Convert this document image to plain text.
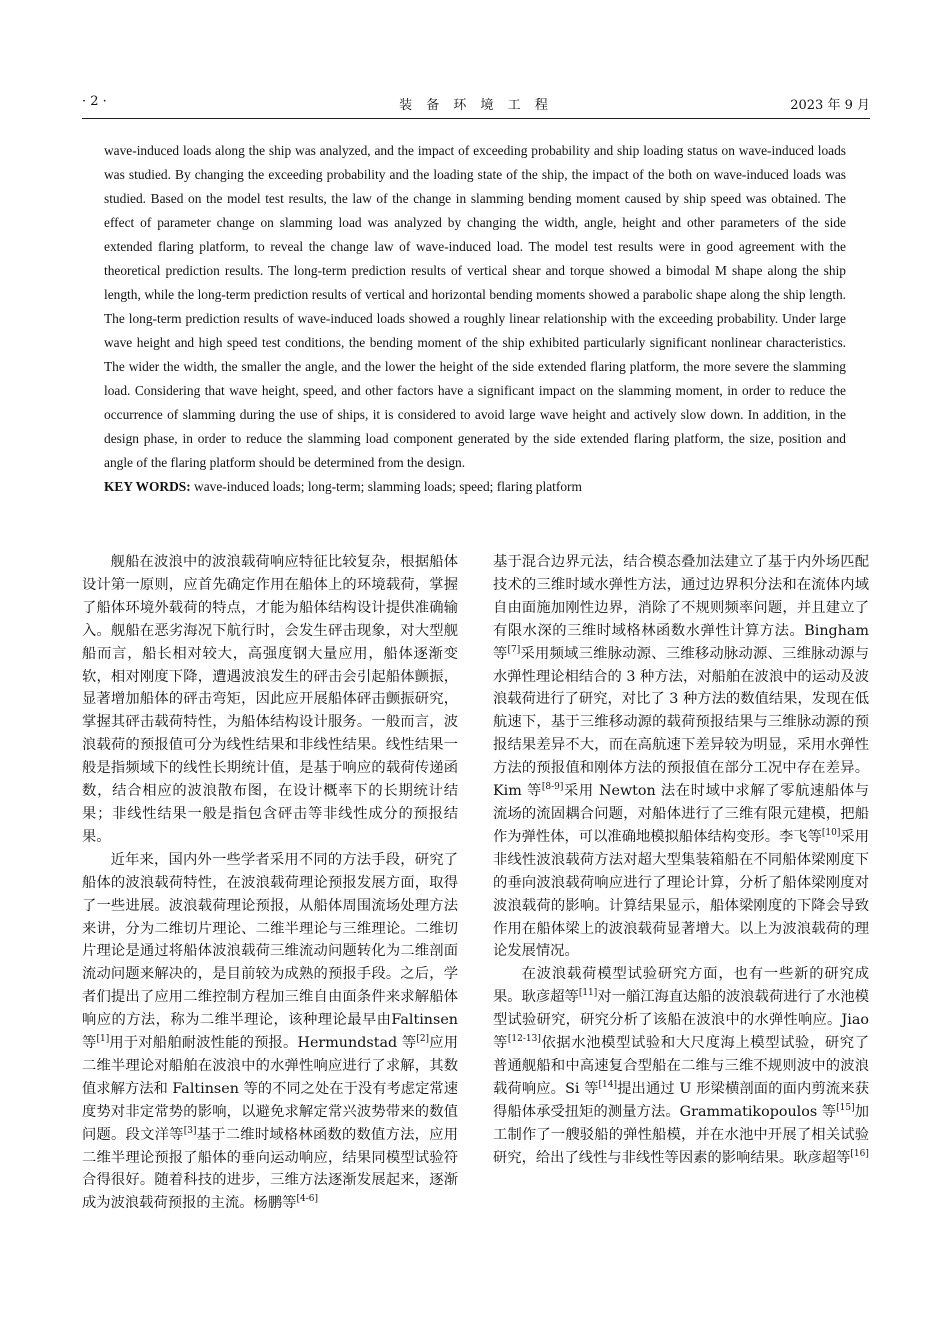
· 2 ·	装 备 环 境 工 程	2023 年 9 月
wave-induced loads along the ship was analyzed, and the impact of exceeding probability and ship loading status on wave-induced loads was studied. By changing the exceeding probability and the loading state of the ship, the impact of the both on wave-induced loads was studied. Based on the model test results, the law of the change in slamming bending moment caused by ship speed was obtained. The effect of parameter change on slamming load was analyzed by changing the width, angle, height and other parameters of the side extended flaring platform, to reveal the change law of wave-induced load. The model test results were in good agreement with the theoretical prediction results. The long-term prediction results of vertical shear and torque showed a bimodal M shape along the ship length, while the long-term prediction results of vertical and horizontal bending moments showed a parabolic shape along the ship length. The long-term prediction results of wave-induced loads showed a roughly linear relationship with the exceeding probability. Under large wave height and high speed test conditions, the bending moment of the ship exhibited particularly significant nonlinear characteristics. The wider the width, the smaller the angle, and the lower the height of the side extended flaring platform, the more severe the slamming load. Considering that wave height, speed, and other factors have a significant impact on the slamming moment, in order to reduce the occurrence of slamming during the use of ships, it is considered to avoid large wave height and actively slow down. In addition, in the design phase, in order to reduce the slamming load component generated by the side extended flaring platform, the size, position and angle of the flaring platform should be determined from the design.
KEY WORDS: wave-induced loads; long-term; slamming loads; speed; flaring platform

舰船在波浪中的波浪载荷响应特征比较复杂，根据船体设计第一原则，应首先确定作用在船体上的环境载荷，掌握了船体环境外载荷的特点，才能为船体结构设计提供准确输入。舰船在恶劣海况下航行时，会发生砰击现象，对大型舰船而言，船长相对较大，高强度钢大量应用，船体逐渐变软，相对刚度下降，遭遇波浪发生的砰击会引起船体颤振，显著增加船体的砰击弯矩，因此应开展船体砰击颤振研究，掌握其砰击载荷特性，为船体结构设计服务。一般而言，波浪载荷的预报值可分为线性结果和非线性结果。线性结果一般是指频域下的线性长期统计值，是基于响应的载荷传递函数，结合相应的波浪散布图，在设计概率下的长期统计结果；非线性结果一般是指包含砰击等非线性成分的预报结果。

近年来，国内外一些学者采用不同的方法手段，研究了船体的波浪载荷特性，在波浪载荷理论预报发展方面，取得了一些进展。波浪载荷理论预报，从船体周围流场处理方法来讲，分为二维切片理论、二维半理论与三维理论。二维切片理论是通过将船体波浪载荷三维流动问题转化为二维剖面流动问题来解决的，是目前较为成熟的预报手段。之后，学者们提出了应用二维控制方程加三维自由面条件来求解船体响应的方法，称为二维半理论，该种理论最早由Faltinsen 等[1]用于对船舶耐波性能的预报。Hermundstad 等[2]应用二维半理论对船舶在波浪中的水弹性响应进行了求解，其数值求解方法和 Faltinsen 等的不同之处在于没有考虑定常速度势对非定常势的影响，以避免求解定常兴波势带来的数值问题。段文洋等[3]基于二维时域格林函数的数值方法，应用二维半理论预报了船体的垂向运动响应，结果同模型试验符合得很好。随着科技的进步，三维方法逐渐发展起来，逐渐成为波浪载荷预报的主流。杨鹏等[4-6]

基于混合边界元法，结合模态叠加法建立了基于内外场匹配技术的三维时域水弹性方法，通过边界积分法和在流体内域自由面施加刚性边界，消除了不规则频率问题，并且建立了有限水深的三维时域格林函数水弹性计算方法。Bingham 等[7]采用频域三维脉动源、三维移动脉动源、三维脉动源与水弹性理论相结合的 3 种方法，对船舶在波浪中的运动及波浪载荷进行了研究，对比了 3 种方法的数值结果，发现在低航速下，基于三维移动源的载荷预报结果与三维脉动源的预报结果差异不大，而在高航速下差异较为明显，采用水弹性方法的预报值和刚体方法的预报值在部分工况中存在差异。Kim 等[8-9]采用 Newton 法在时域中求解了零航速船体与流场的流固耦合问题，对船体进行了三维有限元建模，把船作为弹性体，可以准确地模拟船体结构变形。李飞等[10]采用非线性波浪载荷方法对超大型集装箱船在不同船体梁刚度下的垂向波浪载荷响应进行了理论计算，分析了船体梁刚度对波浪载荷的影响。计算结果显示，船体梁刚度的下降会导致作用在船体梁上的波浪载荷显著增大。以上为波浪载荷的理论发展情况。

在波浪载荷模型试验研究方面，也有一些新的研究成果。耿彦超等[11]对一艏江海直达船的波浪载荷进行了水池模型试验研究，研究分析了该船在波浪中的水弹性响应。Jiao 等[12-13]依据水池模型试验和大尺度海上模型试验，研究了普通舰船和中高速复合型船在二维与三维不规则波中的波浪载荷响应。Si 等[14]提出通过 U 形梁横剖面的面内剪流来获得船体承受扭矩的测量方法。Grammatikopoulos 等[15]加工制作了一艘驳船的弹性船模，并在水池中开展了相关试验研究，给出了线性与非线性等因素的影响结果。耿彦超等[16]
